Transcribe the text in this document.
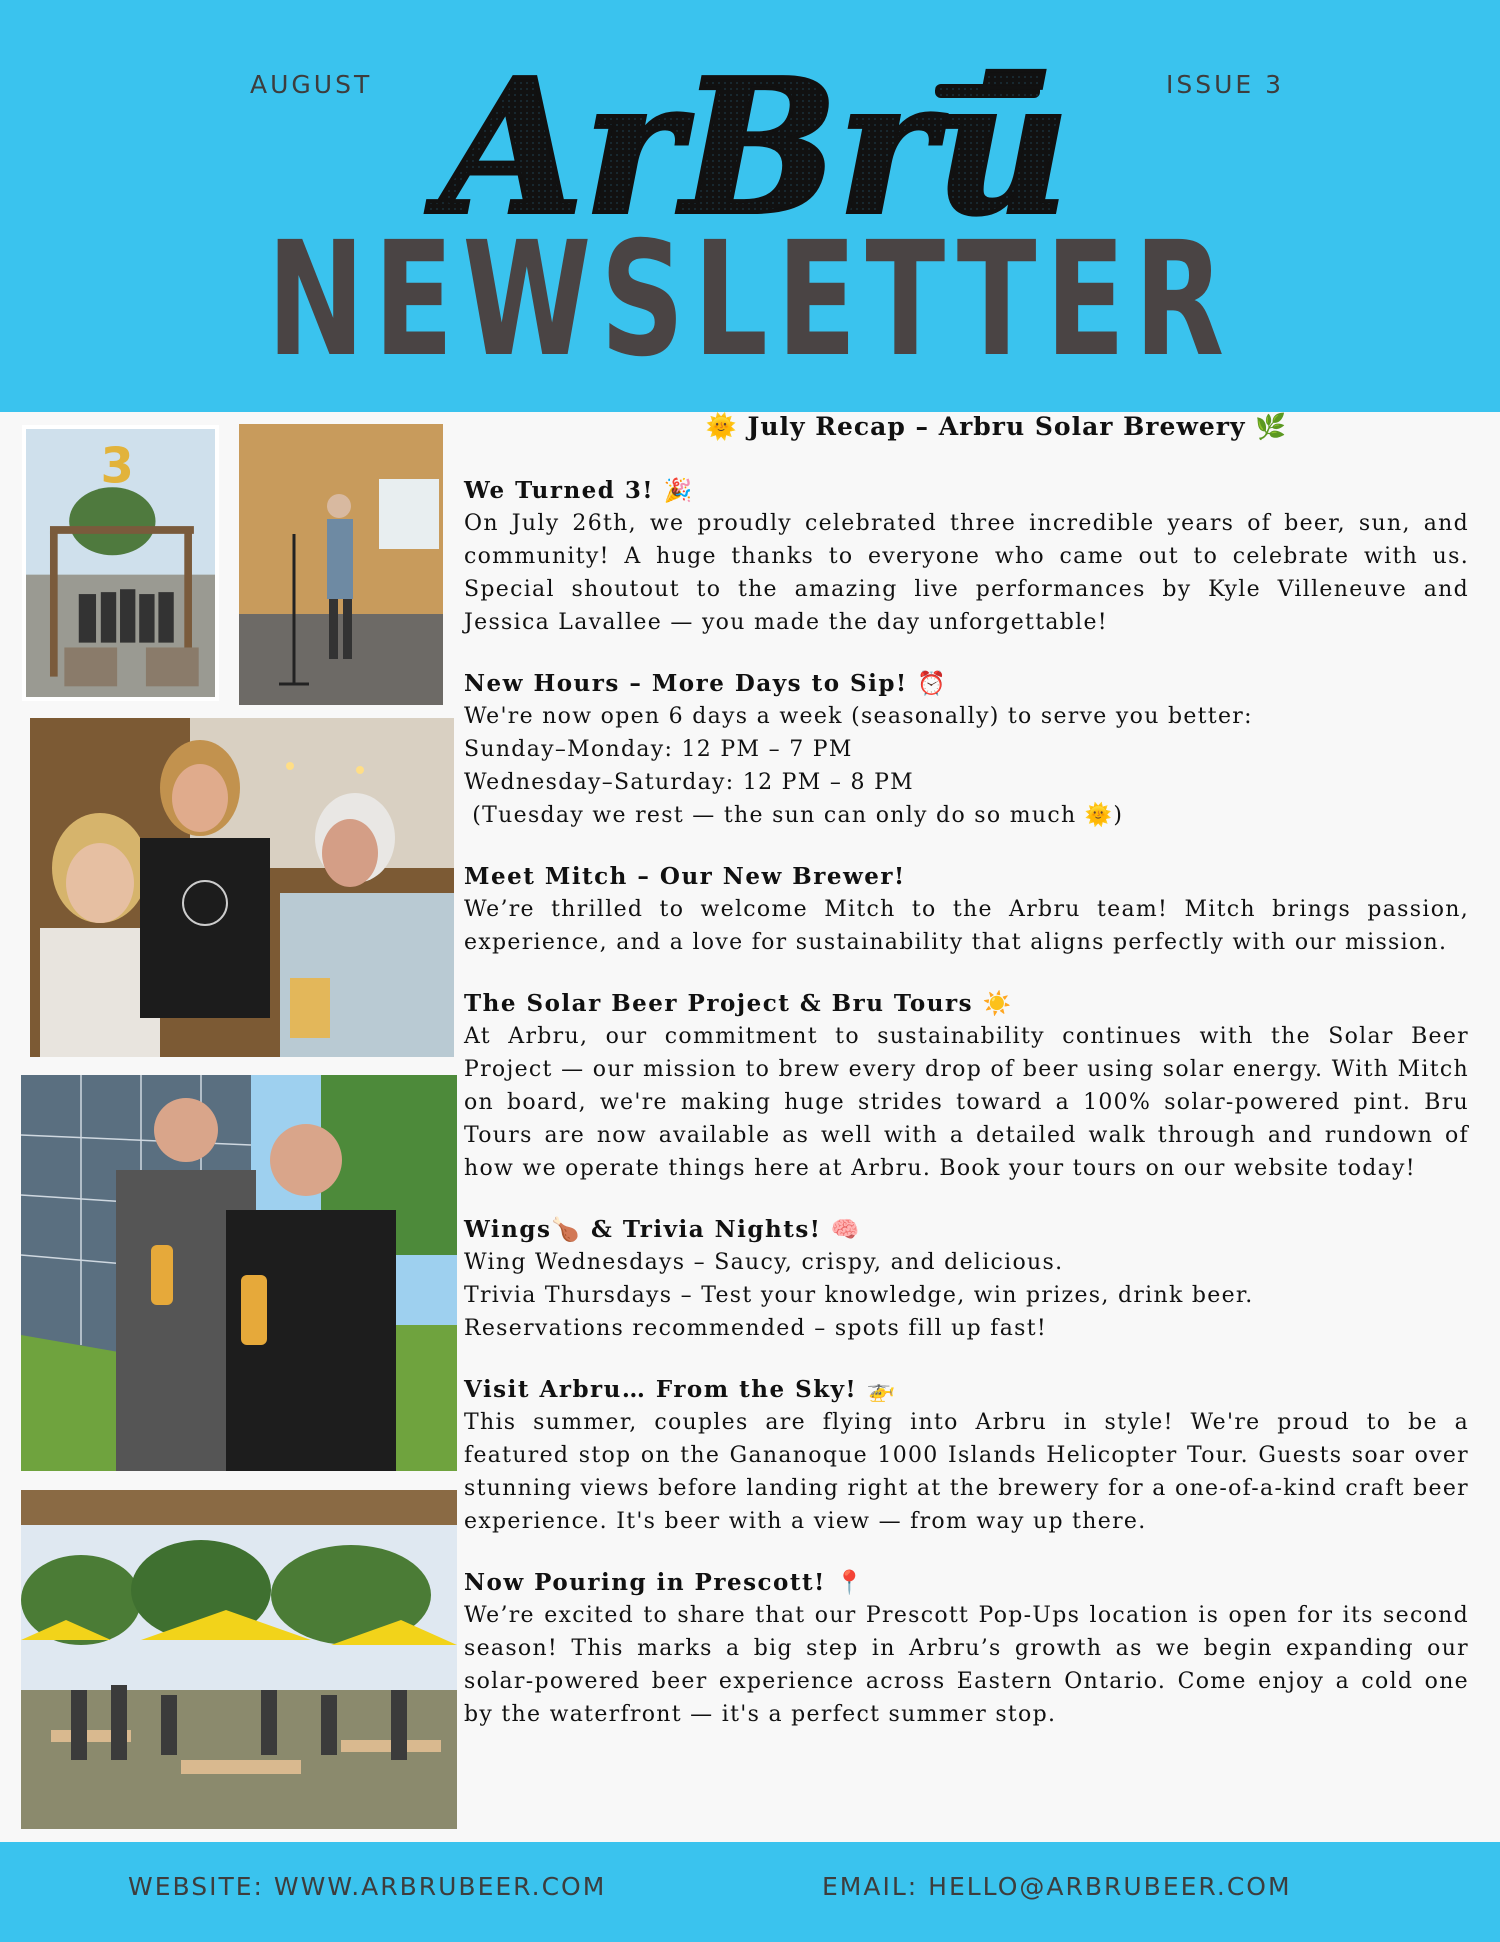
AUGUST	ISSUE 3
ArBrū
NEWSLETTER
3
🌞 July Recap – Arbru Solar Brewery 🌿
We Turned 3! 🎉

On July 26th, we proudly celebrated three incredible years of beer, sun, and community! A huge thanks to everyone who came out to celebrate with us. Special shoutout to the amazing live performances by Kyle Villeneuve and Jessica Lavallee — you made the day unforgettable!

New Hours – More Days to Sip! ⏰
We're now open 6 days a week (seasonally) to serve you better:
Sunday–Monday: 12 PM – 7 PM
Wednesday–Saturday: 12 PM – 8 PM
(Tuesday we rest — the sun can only do so much 🌞)
Meet Mitch – Our New Brewer!

We’re thrilled to welcome Mitch to the Arbru team! Mitch brings passion, experience, and a love for sustainability that aligns perfectly with our mission.

The Solar Beer Project & Bru Tours ☀️

At Arbru, our commitment to sustainability continues with the Solar Beer Project — our mission to brew every drop of beer using solar energy. With Mitch on board, we're making huge strides toward a 100% solar-powered pint. Bru Tours are now available as well with a detailed walk through and rundown of how we operate things here at Arbru. Book your tours on our website today!

Wings🍗 & Trivia Nights! 🧠
Wing Wednesdays – Saucy, crispy, and delicious.
Trivia Thursdays – Test your knowledge, win prizes, drink beer.
Reservations recommended – spots fill up fast!
Visit Arbru… From the Sky! 🚁

This summer, couples are flying into Arbru in style! We're proud to be a featured stop on the Gananoque 1000 Islands Helicopter Tour. Guests soar over stunning views before landing right at the brewery for a one-of-a-kind craft beer experience. It's beer with a view — from way up there.

Now Pouring in Prescott! 📍

We’re excited to share that our Prescott Pop-Ups location is open for its second season! This marks a big step in Arbru’s growth as we begin expanding our solar-powered beer experience across Eastern Ontario. Come enjoy a cold one by the waterfront — it's a perfect summer stop.

WEBSITE: WWW.ARBRUBEER.COM	EMAIL: HELLO@ARBRUBEER.COM
